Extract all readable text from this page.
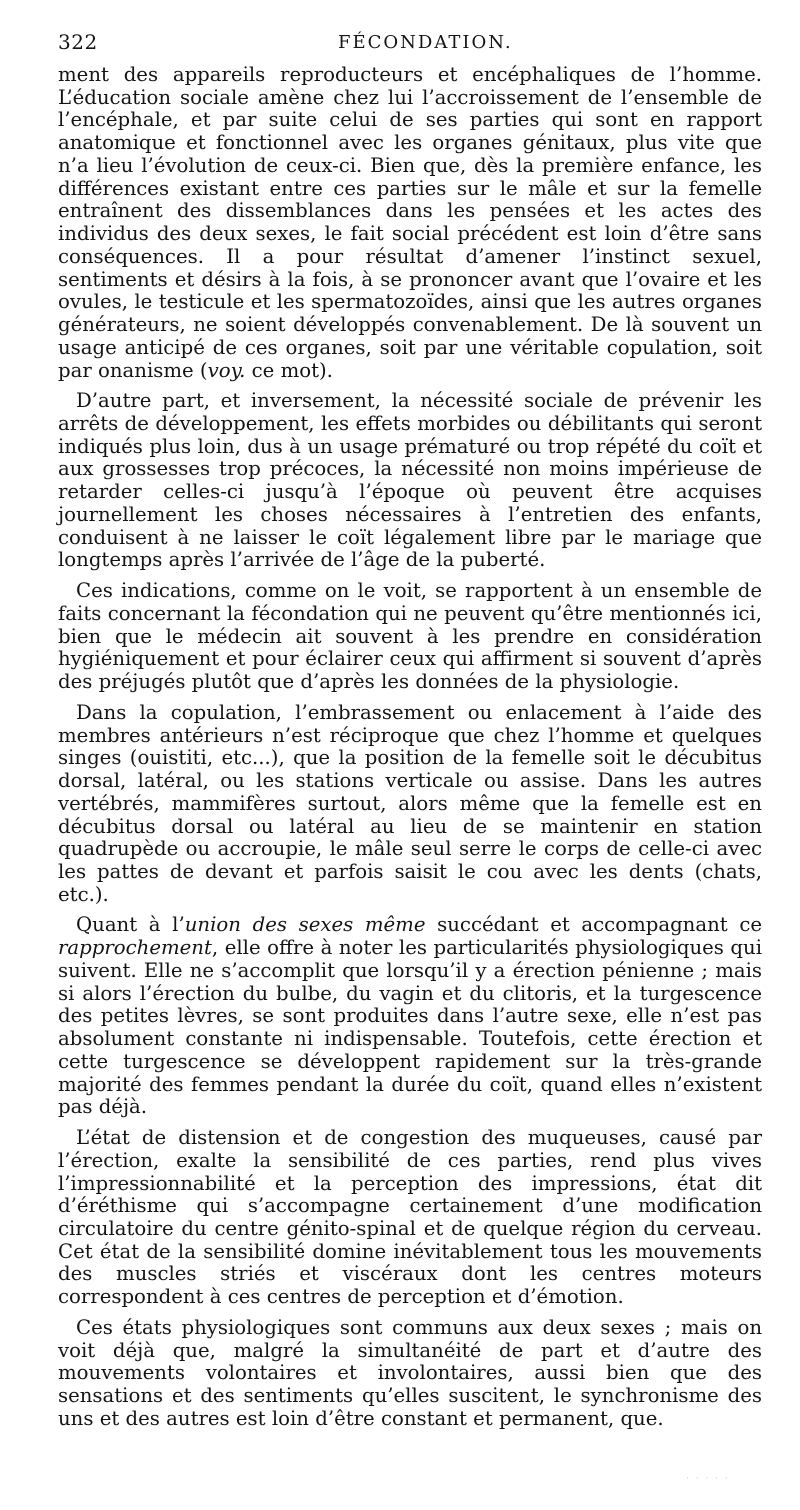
322	FÉCONDATION.

ment des appareils reproducteurs et encéphaliques de l’homme. L’éducation sociale amène chez lui l’accroissement de l’ensemble de l’encéphale, et par suite celui de ses parties qui sont en rapport anatomique et fonctionnel avec les organes génitaux, plus vite que n’a lieu l’évolution de ceux-ci. Bien que, dès la première enfance, les différences existant entre ces parties sur le mâle et sur la femelle entraînent des dissemblances dans les pensées et les actes des individus des deux sexes, le fait social précédent est loin d’être sans conséquences. Il a pour résultat d’amener l’instinct sexuel, sentiments et désirs à la fois, à se prononcer avant que l’ovaire et les ovules, le testicule et les spermatozoïdes, ainsi que les autres organes générateurs, ne soient développés convenablement. De là souvent un usage anticipé de ces organes, soit par une véritable copulation, soit par onanisme (voy. ce mot).

D’autre part, et inversement, la nécessité sociale de prévenir les arrêts de développement, les effets morbides ou débilitants qui seront indiqués plus loin, dus à un usage prématuré ou trop répété du coït et aux grossesses trop précoces, la nécessité non moins impérieuse de retarder celles-ci jusqu’à l’époque où peuvent être acquises journellement les choses nécessaires à l’entretien des enfants, conduisent à ne laisser le coït légalement libre par le mariage que longtemps après l’arrivée de l’âge de la puberté.

Ces indications, comme on le voit, se rapportent à un ensemble de faits concernant la fécondation qui ne peuvent qu’être mentionnés ici, bien que le médecin ait souvent à les prendre en considération hygiéniquement et pour éclairer ceux qui affirment si souvent d’après des préjugés plutôt que d’après les données de la physiologie.

Dans la copulation, l’embrassement ou enlacement à l’aide des membres antérieurs n’est réciproque que chez l’homme et quelques singes (ouistiti, etc...), que la position de la femelle soit le décubitus dorsal, latéral, ou les stations verticale ou assise. Dans les autres vertébrés, mammifères surtout, alors même que la femelle est en décubitus dorsal ou latéral au lieu de se maintenir en station quadrupède ou accroupie, le mâle seul serre le corps de celle-ci avec les pattes de devant et parfois saisit le cou avec les dents (chats, etc.).

Quant à l’union des sexes même succédant et accompagnant ce rapprochement, elle offre à noter les particularités physiologiques qui suivent. Elle ne s’accomplit que lorsqu’il y a érection pénienne ; mais si alors l’érection du bulbe, du vagin et du clitoris, et la turgescence des petites lèvres, se sont produites dans l’autre sexe, elle n’est pas absolument constante ni indispensable. Toutefois, cette érection et cette turgescence se développent rapidement sur la très-grande majorité des femmes pendant la durée du coït, quand elles n’existent pas déjà.

L’état de distension et de congestion des muqueuses, causé par l’érection, exalte la sensibilité de ces parties, rend plus vives l’impressionnabilité et la perception des impressions, état dit d’éréthisme qui s’accompagne certainement d’une modification circulatoire du centre génito-spinal et de quelque région du cerveau. Cet état de la sensibilité domine inévitablement tous les mouvements des muscles striés et viscéraux dont les centres moteurs correspondent à ces centres de perception et d’émotion.

Ces états physiologiques sont communs aux deux sexes ; mais on voit déjà que, malgré la simultanéité de part et d’autre des mouvements volontaires et involontaires, aussi bien que des sensations et des sentiments qu’elles suscitent, le synchronisme des uns et des autres est loin d’être constant et permanent, que.

· · · · ·
